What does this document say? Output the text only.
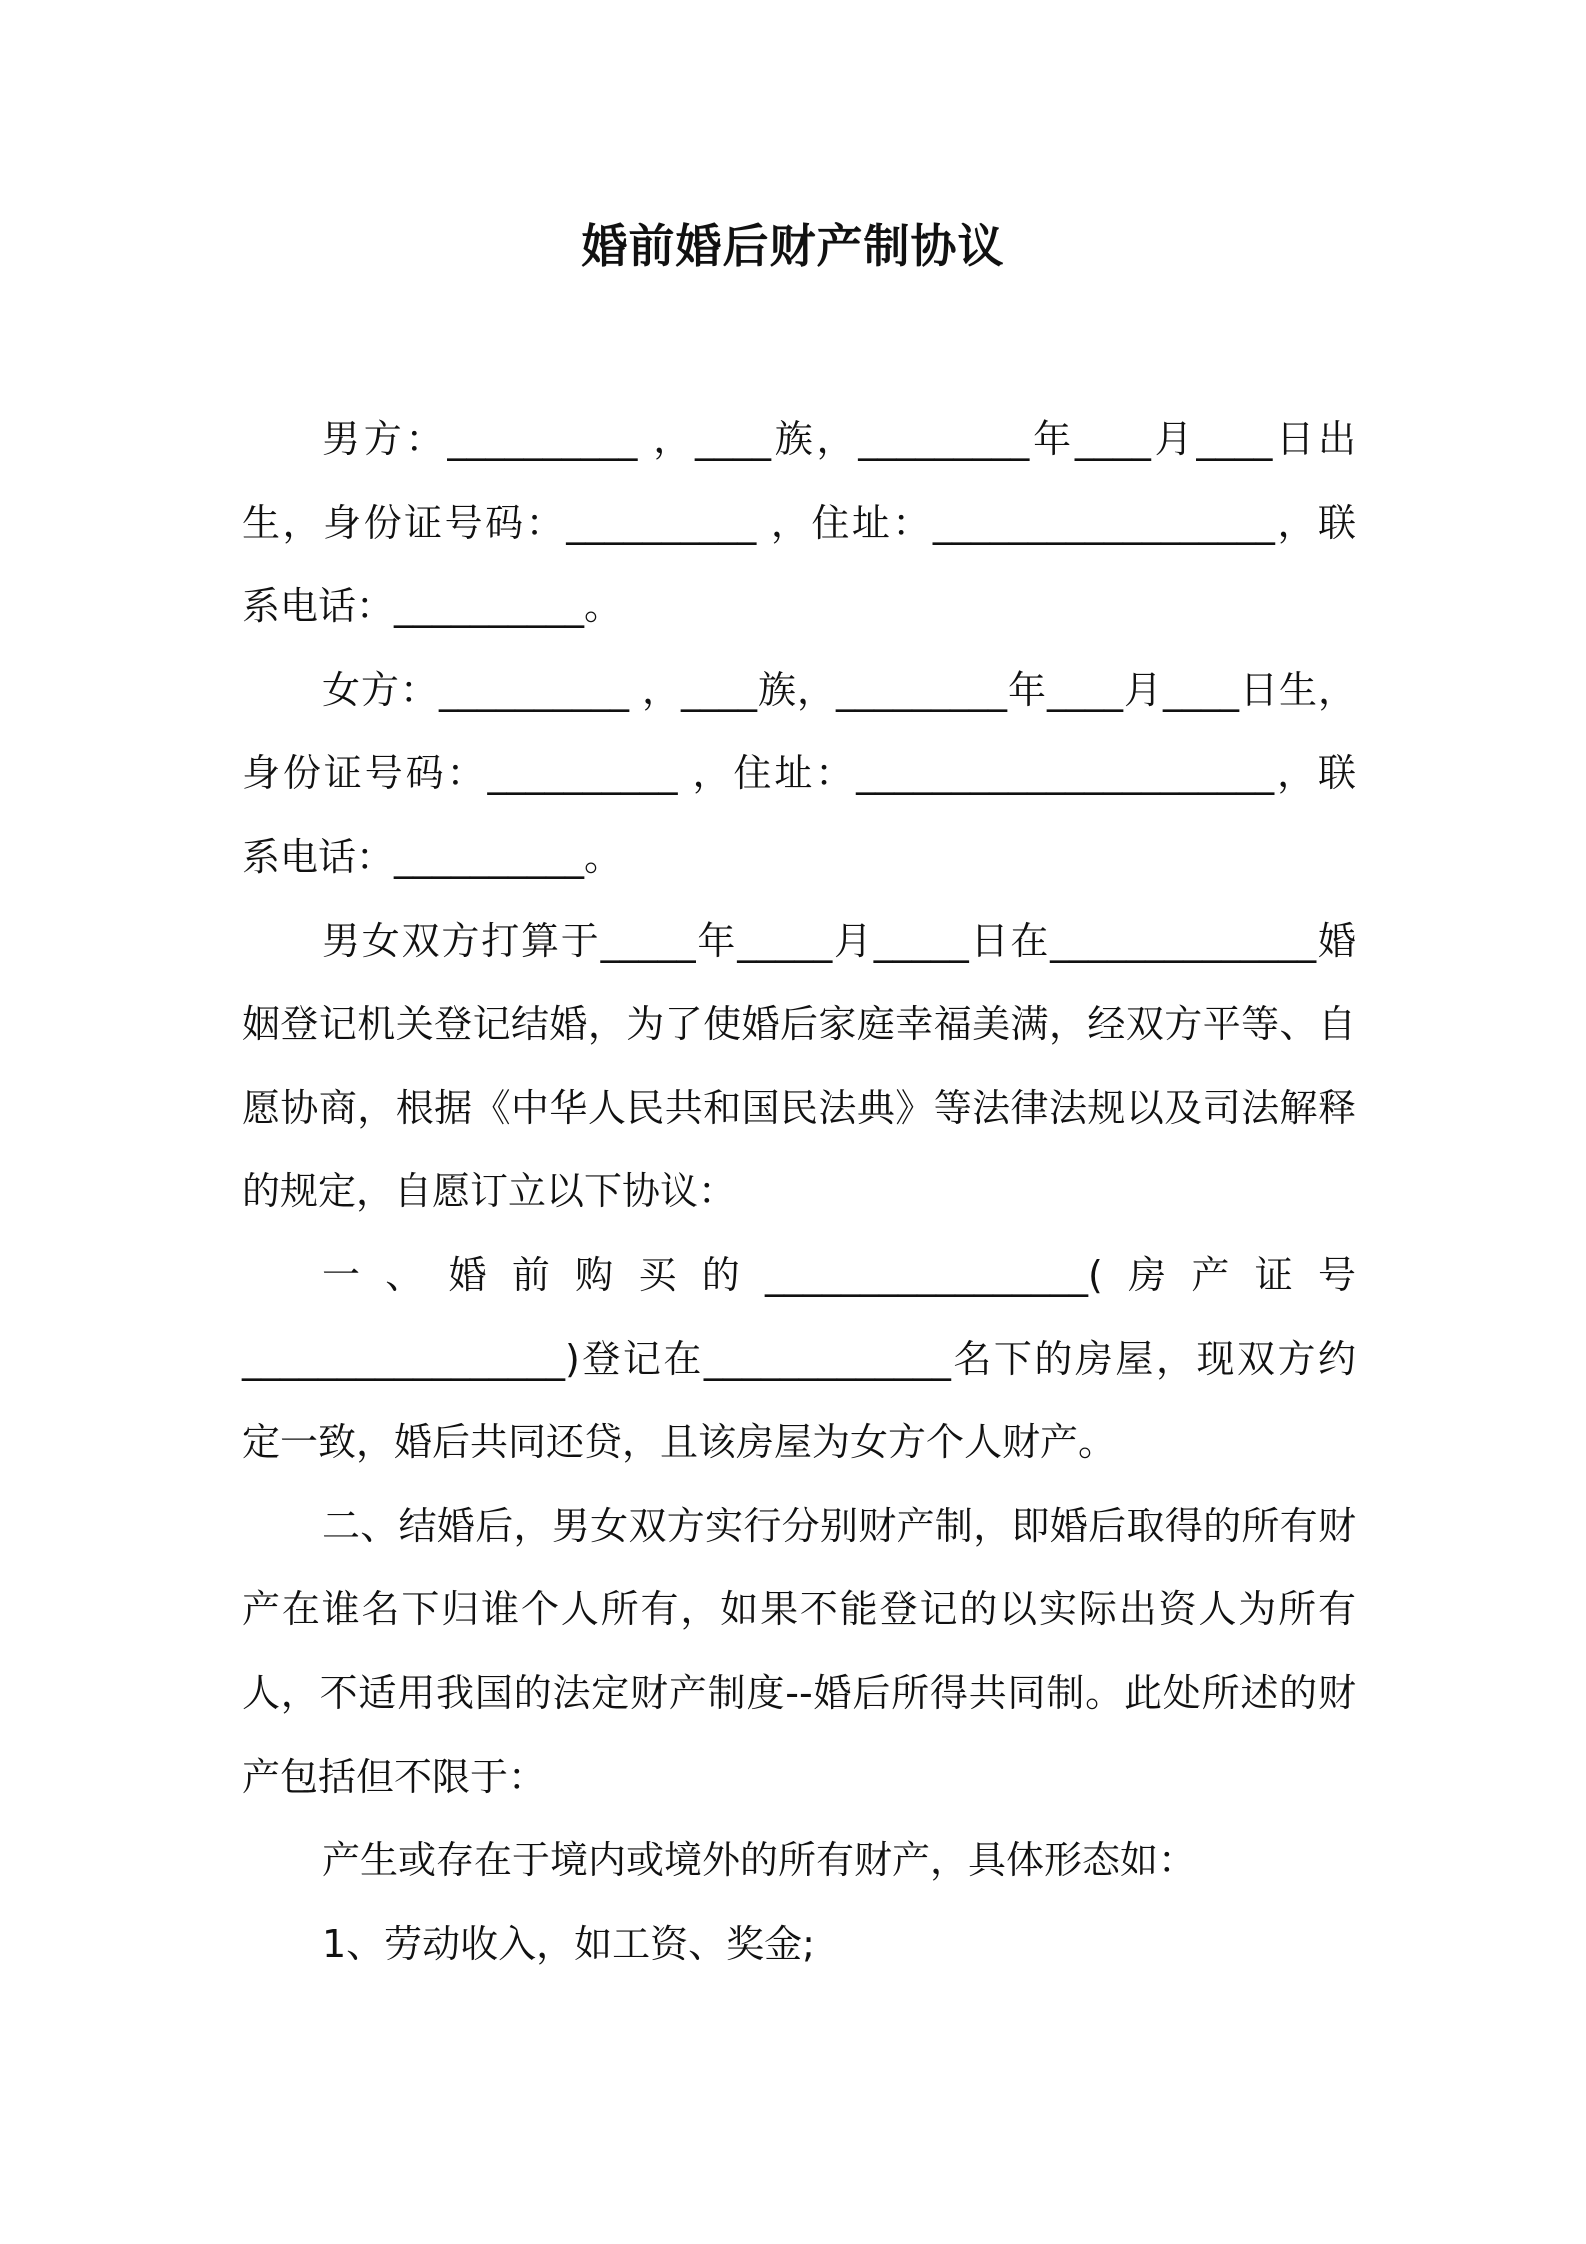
婚前婚后财产制协议

男方：__________ ，____族，_________年____月____日出生，身份证号码：__________ ，住址：__________________，联系电话：__________。

女方：__________ ，____族，_________年____月____日生，身份证号码：__________ ，住址：______________________，联系电话：__________。

男女双方打算于_____年_____月_____日在______________婚姻登记机关登记结婚，为了使婚后家庭幸福美满，经双方平等、自愿协商，根据《中华人民共和国民法典》等法律法规以及司法解释的规定，自愿订立以下协议：

一、婚前购买的_________________(房产证号_________________)登记在_____________名下的房屋，现双方约定一致，婚后共同还贷，且该房屋为女方个人财产。

二、结婚后，男女双方实行分别财产制，即婚后取得的所有财产在谁名下归谁个人所有，如果不能登记的以实际出资人为所有人，不适用我国的法定财产制度--婚后所得共同制。此处所述的财产包括但不限于：

产生或存在于境内或境外的所有财产，具体形态如：

1、劳动收入，如工资、奖金;
